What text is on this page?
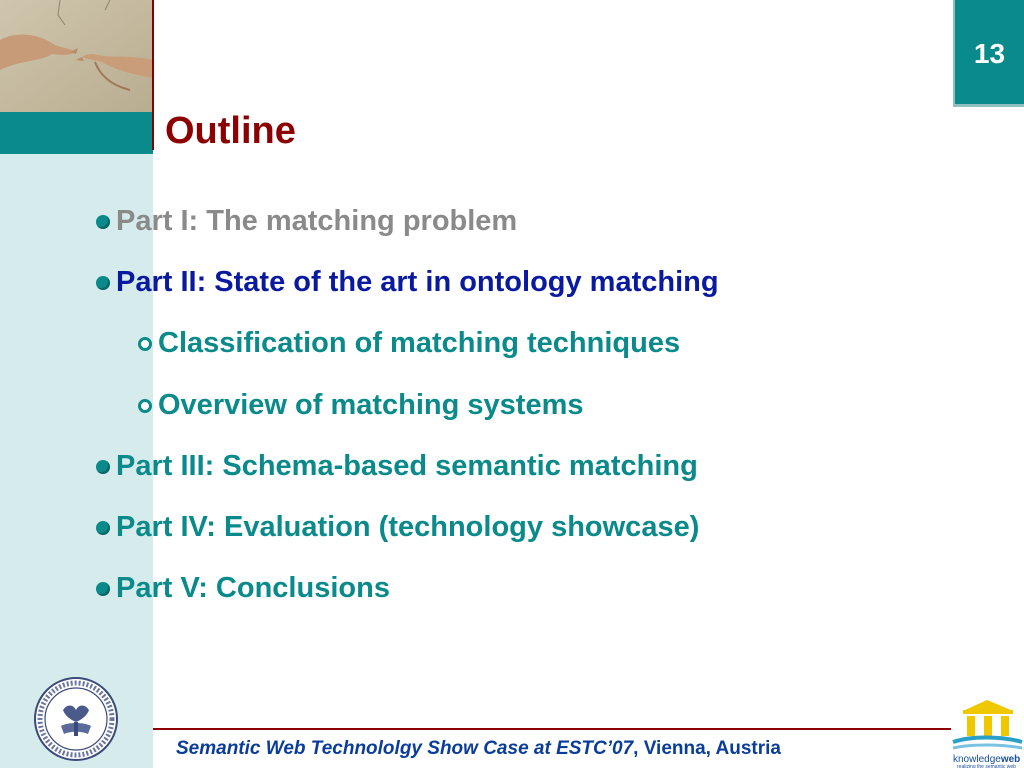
13
Outline
Part I: The matching problem
Part II: State of the art in ontology matching
Classification of matching techniques
Overview of matching systems
Part III: Schema-based semantic matching
Part IV: Evaluation (technology showcase)
Part V: Conclusions
Semantic Web Technololgy Show Case at ESTC’07, Vienna, Austria
knowledgeweb
realizing the semantic web
